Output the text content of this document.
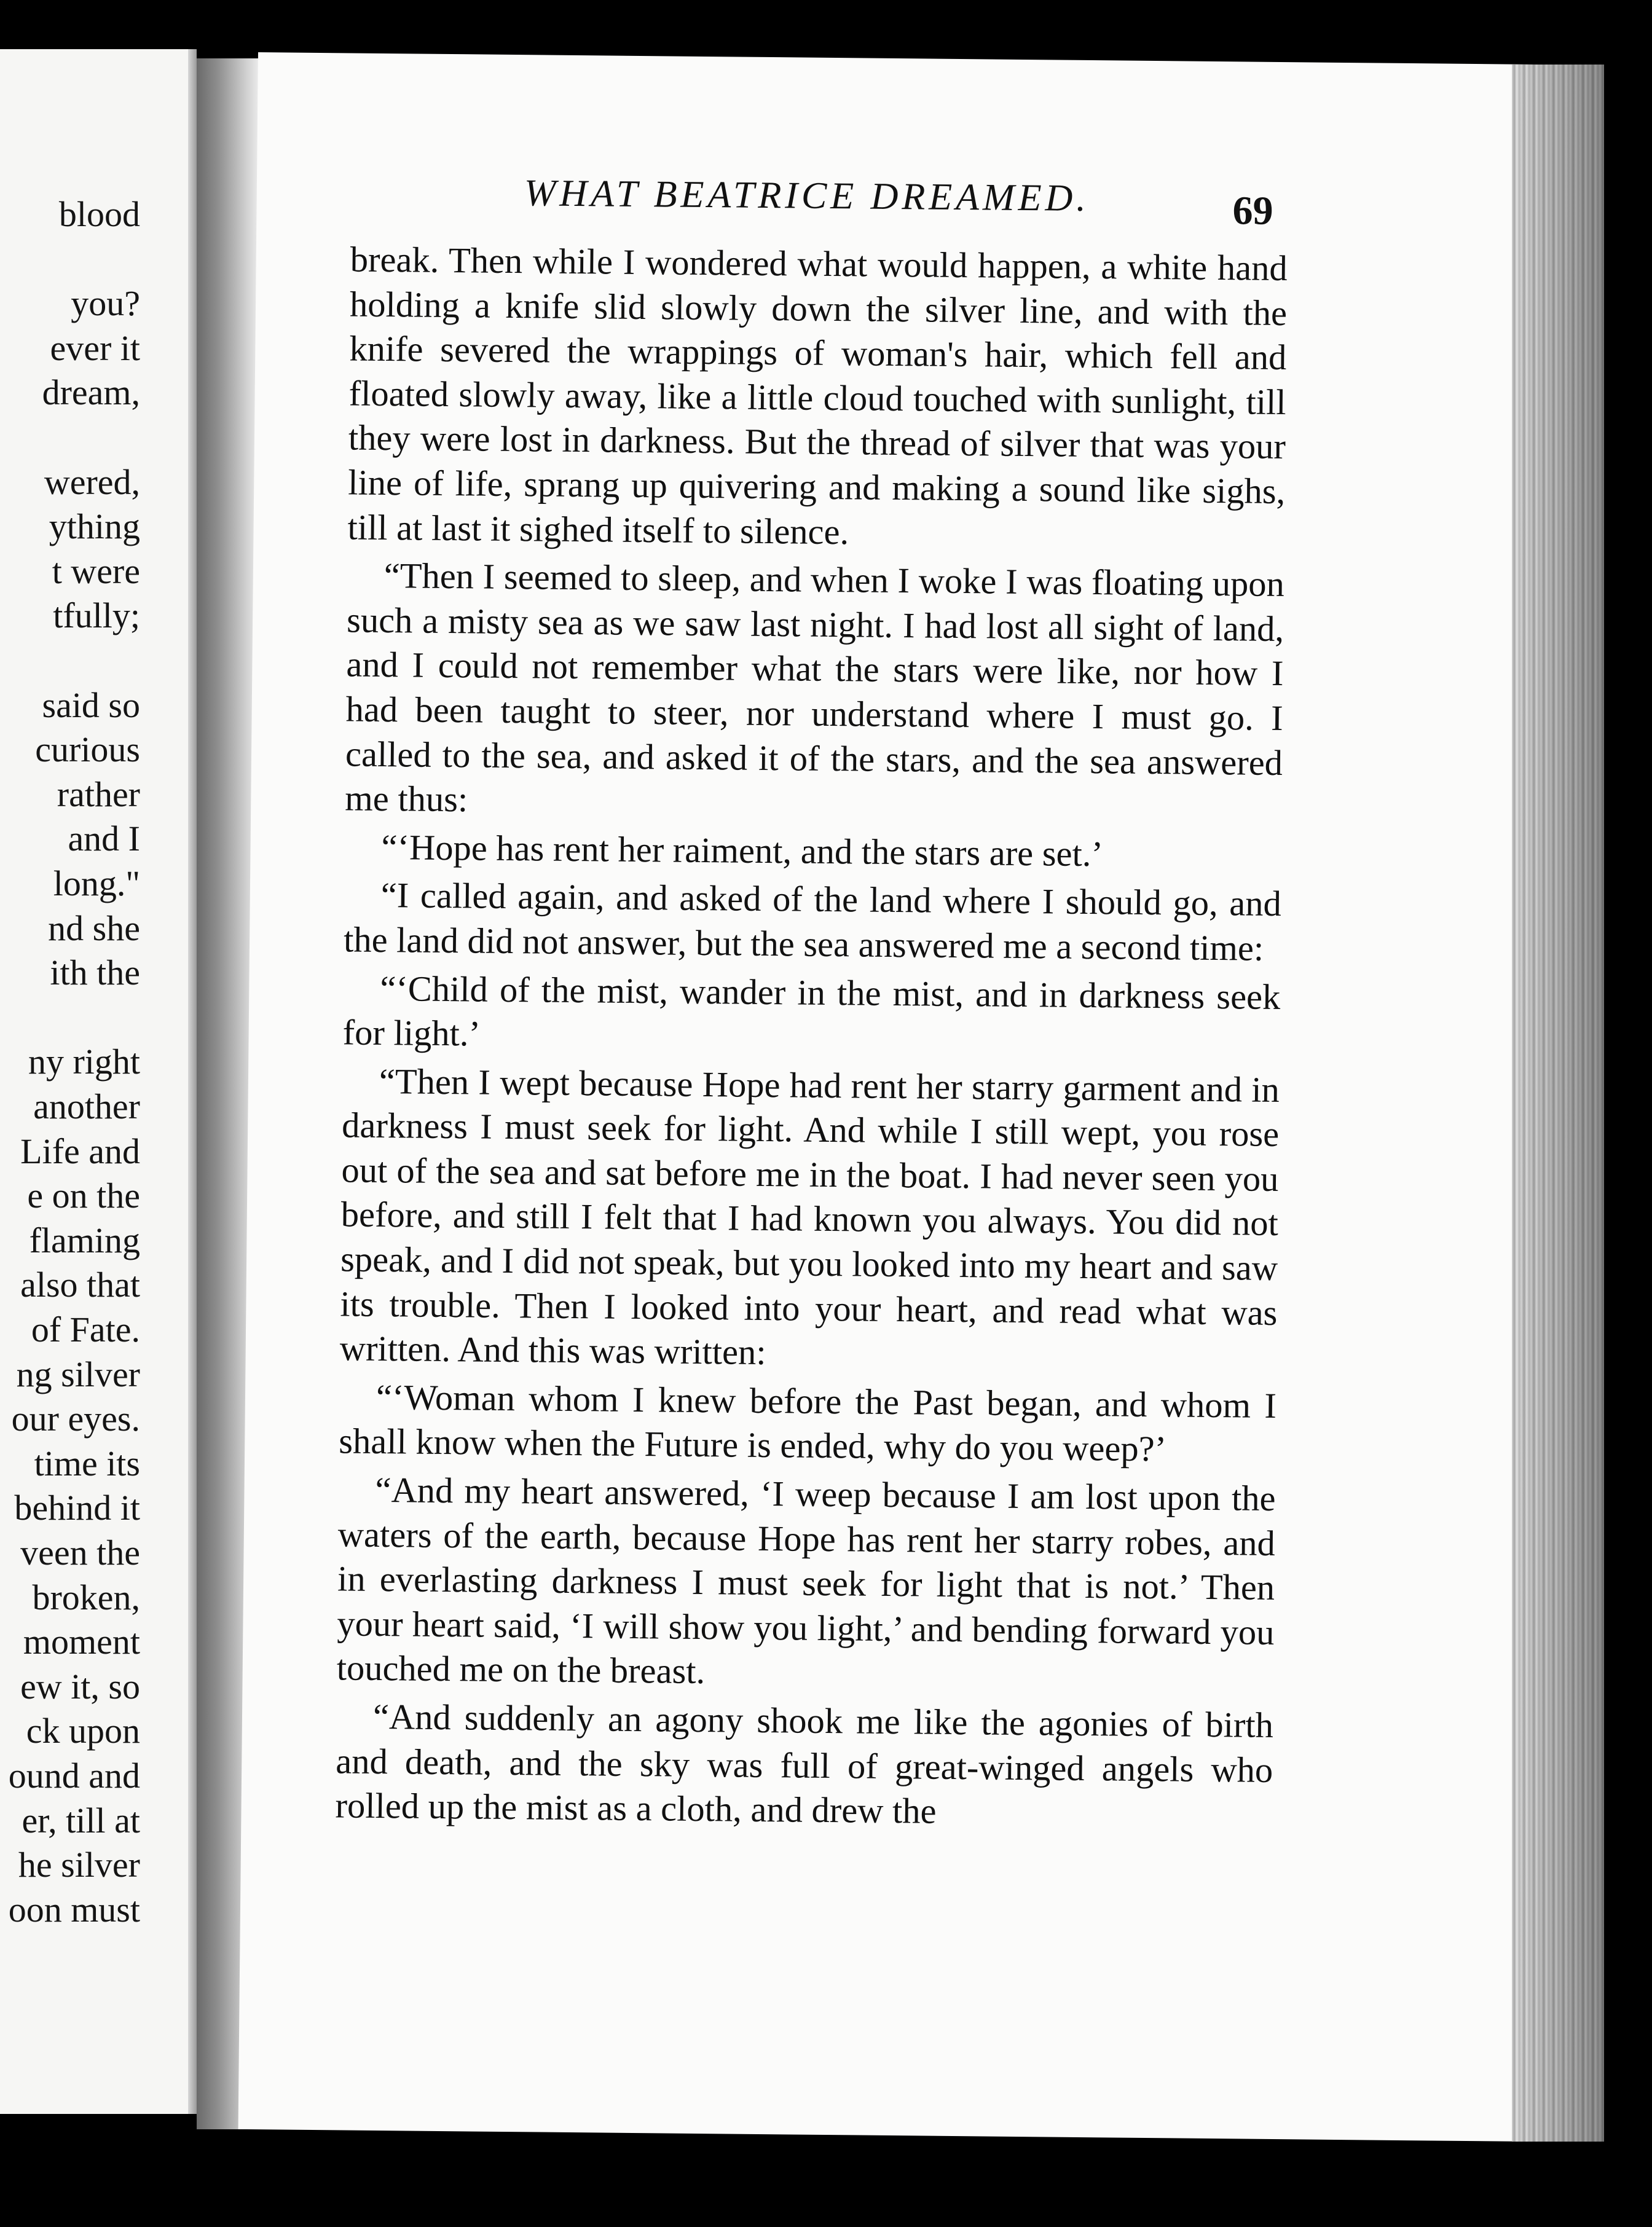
blood
you?
ever it
dream,
wered,
ything
t were
tfully;
said so
curious
rather
and I
long."
nd she
ith the
ny right
another
Life and
e on the
flaming
also that
of Fate.
ng silver
our eyes.
time its
behind it
veen the
broken,
moment
ew it, so
ck upon
ound and
er, till at
he silver
oon must
WHAT BEATRICE DREAMED.	69

break. Then while I wondered what would happen, a white hand holding a knife slid slowly down the silver line, and with the knife severed the wrappings of woman's hair, which fell and floated slowly away, like a little cloud touched with sunlight, till they were lost in darkness. But the thread of silver that was your line of life, sprang up quivering and making a sound like sighs, till at last it sighed itself to silence.

“Then I seemed to sleep, and when I woke I was floating upon such a misty sea as we saw last night. I had lost all sight of land, and I could not remember what the stars were like, nor how I had been taught to steer, nor understand where I must go. I called to the sea, and asked it of the stars, and the sea answered me thus:

“‘Hope has rent her raiment, and the stars are set.’

“I called again, and asked of the land where I should go, and the land did not answer, but the sea answered me a second time:

“‘Child of the mist, wander in the mist, and in darkness seek for light.’

“Then I wept because Hope had rent her starry garment and in darkness I must seek for light. And while I still wept, you rose out of the sea and sat before me in the boat. I had never seen you before, and still I felt that I had known you always. You did not speak, and I did not speak, but you looked into my heart and saw its trouble. Then I looked into your heart, and read what was written. And this was written:

“‘Woman whom I knew before the Past began, and whom I shall know when the Future is ended, why do you weep?’

“And my heart answered, ‘I weep because I am lost upon the waters of the earth, because Hope has rent her starry robes, and in everlasting darkness I must seek for light that is not.’ Then your heart said, ‘I will show you light,’ and bending forward you touched me on the breast.

“And suddenly an agony shook me like the agonies of birth and death, and the sky was full of great-winged angels who rolled up the mist as a cloth, and drew the
